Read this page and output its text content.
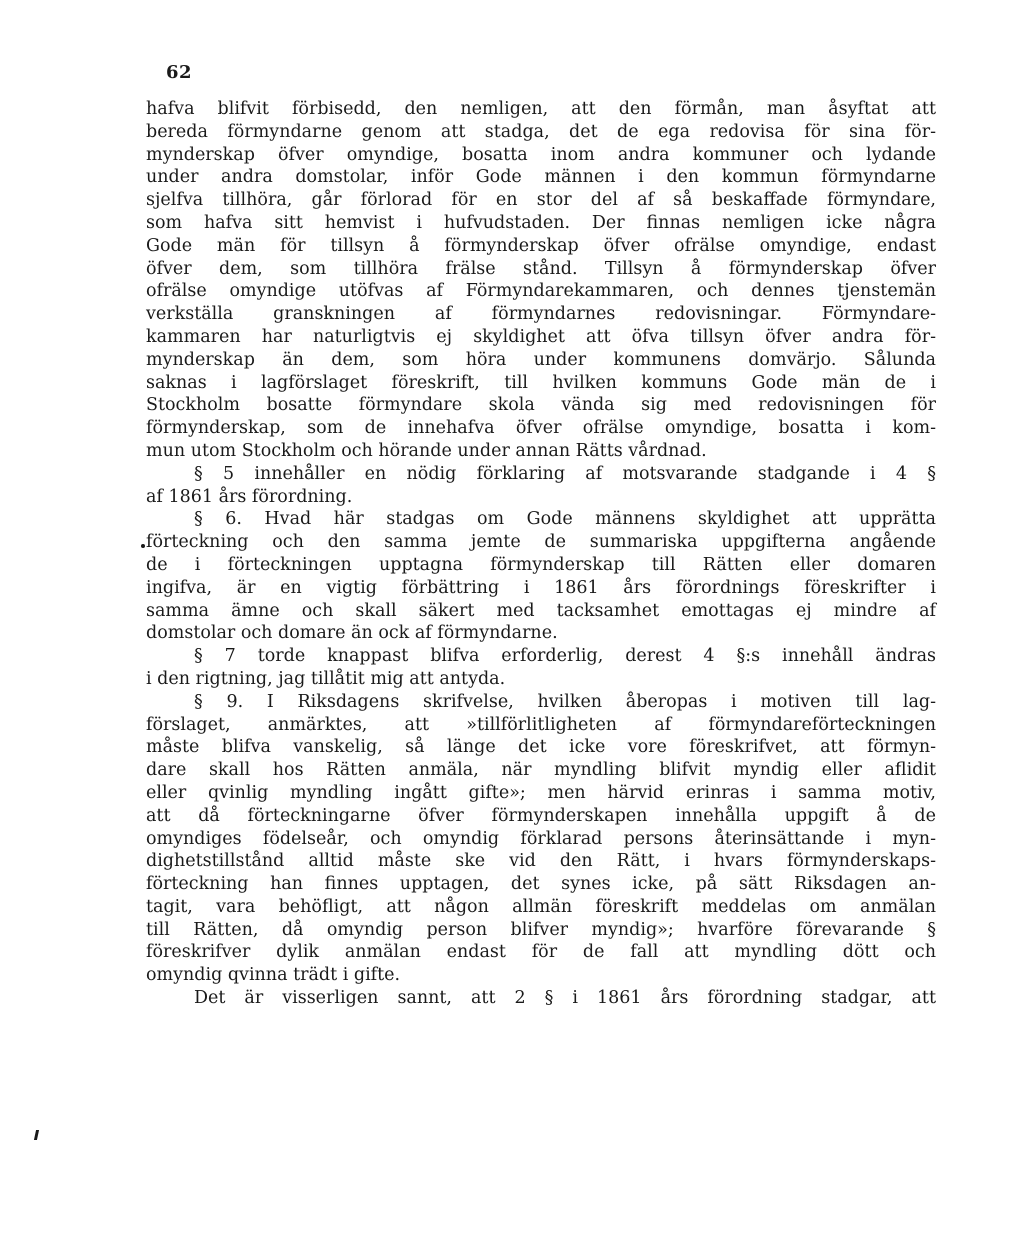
62
hafva blifvit förbisedd, den nemligen, att den förmån, man åsyftat att
bereda förmyndarne genom att stadga, det de ega redovisa för sina för-
mynderskap öfver omyndige, bosatta inom andra kommuner och lydande
under andra domstolar, inför Gode männen i den kommun förmyndarne
sjelfva tillhöra, går förlorad för en stor del af så beskaffade förmyndare,
som hafva sitt hemvist i hufvudstaden. Der finnas nemligen icke några
Gode män för tillsyn å förmynderskap öfver ofrälse omyndige, endast
öfver dem, som tillhöra frälse stånd. Tillsyn å förmynderskap öfver
ofrälse omyndige utöfvas af Förmyndarekammaren, och dennes tjenstemän
verkställa granskningen af förmyndarnes redovisningar. Förmyndare-
kammaren har naturligtvis ej skyldighet att öfva tillsyn öfver andra för-
mynderskap än dem, som höra under kommunens domvärjo. Sålunda
saknas i lagförslaget föreskrift, till hvilken kommuns Gode män de i
Stockholm bosatte förmyndare skola vända sig med redovisningen för
förmynderskap, som de innehafva öfver ofrälse omyndige, bosatta i kom-
mun utom Stockholm och hörande under annan Rätts vårdnad.
§ 5 innehåller en nödig förklaring af motsvarande stadgande i 4 §
af 1861 års förordning.
§ 6. Hvad här stadgas om Gode männens skyldighet att upprätta
förteckning och den samma jemte de summariska uppgifterna angående
de i förteckningen upptagna förmynderskap till Rätten eller domaren
ingifva, är en vigtig förbättring i 1861 års förordnings föreskrifter i
samma ämne och skall säkert med tacksamhet emottagas ej mindre af
domstolar och domare än ock af förmyndarne.
§ 7 torde knappast blifva erforderlig, derest 4 §:s innehåll ändras
i den rigtning, jag tillåtit mig att antyda.
§ 9. I Riksdagens skrifvelse, hvilken åberopas i motiven till lag-
förslaget, anmärktes, att »tillförlitligheten af förmyndareförteckningen
måste blifva vanskelig, så länge det icke vore föreskrifvet, att förmyn-
dare skall hos Rätten anmäla, när myndling blifvit myndig eller aflidit
eller qvinlig myndling ingått gifte»; men härvid erinras i samma motiv,
att då förteckningarne öfver förmynderskapen innehålla uppgift å de
omyndiges födelseår, och omyndig förklarad persons återinsättande i myn-
dighetstillstånd alltid måste ske vid den Rätt, i hvars förmynderskaps-
förteckning han finnes upptagen, det synes icke, på sätt Riksdagen an-
tagit, vara behöfligt, att någon allmän föreskrift meddelas om anmälan
till Rätten, då omyndig person blifver myndig»; hvarföre förevarande §
föreskrifver dylik anmälan endast för de fall att myndling dött och
omyndig qvinna trädt i gifte.
Det är visserligen sannt, att 2 § i 1861 års förordning stadgar, att
